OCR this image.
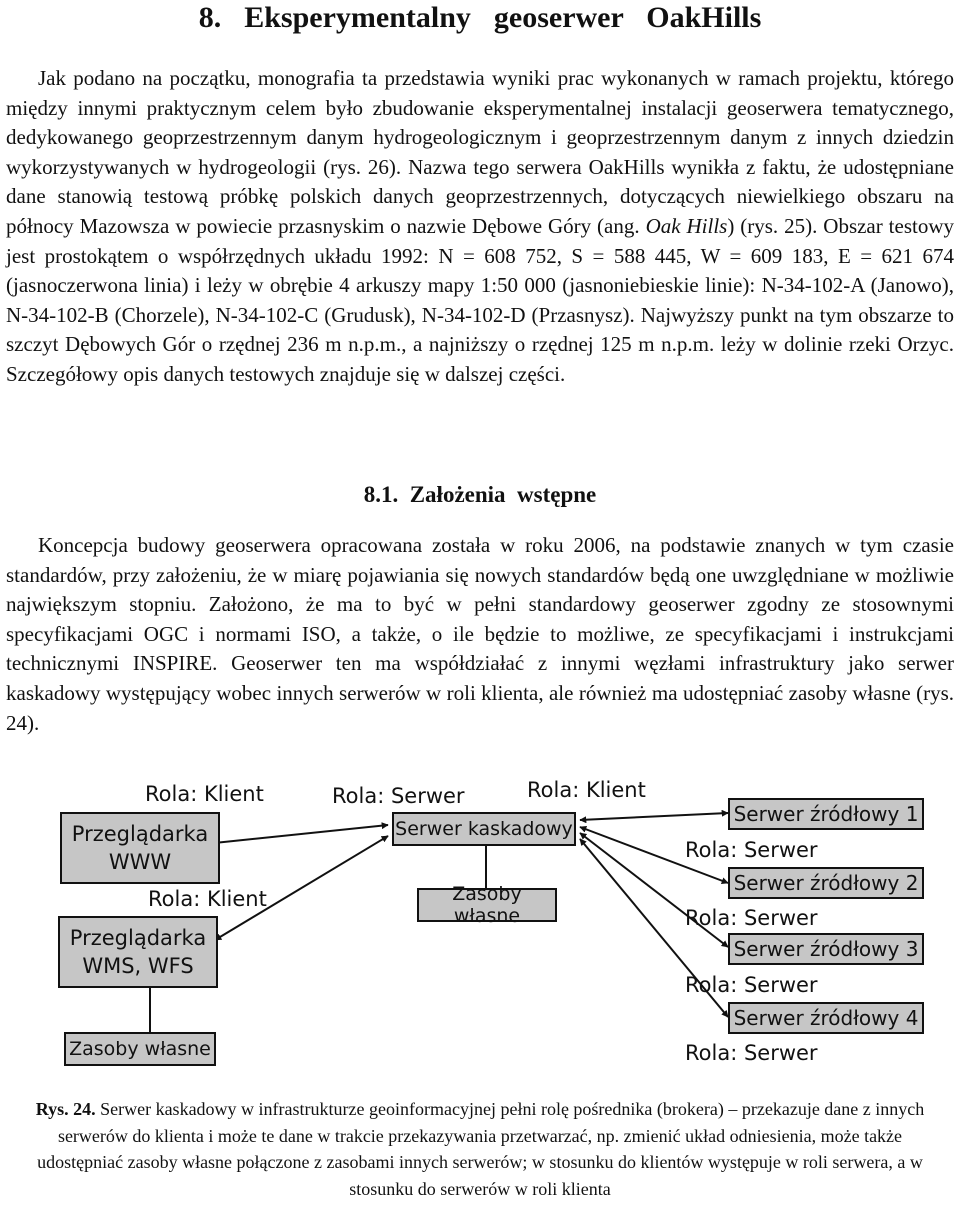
8.  Eksperymentalny  geoserwer  OakHills

Jak podano na początku, monografia ta przedstawia wyniki prac wykonanych w ramach projektu, którego między innymi praktycznym celem było zbudowanie eksperymentalnej instalacji geoserwera tematycznego, dedykowanego geoprzestrzennym danym hydrogeologicznym i geoprzestrzennym danym z innych dziedzin wykorzystywanych w hydrogeologii (rys. 26). Nazwa tego serwera OakHills wynikła z faktu, że udostępniane dane stanowią testową próbkę polskich danych geoprzestrzennych, dotyczących niewielkiego obszaru na północy Mazowsza w powiecie przasnyskim o nazwie Dębowe Góry (ang. Oak Hills) (rys. 25). Obszar testowy jest prostokątem o współrzędnych układu 1992: N = 608 752, S = 588 445, W = 609 183, E = 621 674 (jasnoczerwona linia) i leży w obrębie 4 arkuszy mapy 1:50 000 (jasnoniebieskie linie): N-34-102-A (Janowo), N-34-102-B (Chorzele), N-34-102-C (Grudusk), N-34-102-D (Przasnysz). Najwyższy punkt na tym obszarze to szczyt Dębowych Gór o rzędnej 236 m n.p.m., a najniższy o rzędnej 125 m n.p.m. leży w dolinie rzeki Orzyc. Szczegółowy opis danych testowych znajduje się w dalszej części.

8.1.  Założenia  wstępne

Koncepcja budowy geoserwera opracowana została w roku 2006, na podstawie znanych w tym czasie standardów, przy założeniu, że w miarę pojawiania się nowych standardów będą one uwzględniane w możliwie największym stopniu. Założono, że ma to być w pełni standardowy geoserwer zgodny ze stosownymi specyfikacjami OGC i normami ISO, a także, o ile będzie to możliwe, ze specyfikacjami i instrukcjami technicznymi INSPIRE. Geoserwer ten ma współdziałać z innymi węzłami infrastruktury jako serwer kaskadowy występujący wobec innych serwerów w roli klienta, ale również ma udostępniać zasoby własne (rys. 24).

Rola: Klient
Przeglądarka
WWW
Rola: Klient
Przeglądarka
WMS, WFS
Zasoby własne
Rola: Serwer	Rola: Klient
Serwer kaskadowy
Zasoby własne
Serwer źródłowy 1
Rola: Serwer
Serwer źródłowy 2
Rola: Serwer
Serwer źródłowy 3
Rola: Serwer
Serwer źródłowy 4
Rola: Serwer

Rys. 24. Serwer kaskadowy w infrastrukturze geoinformacyjnej pełni rolę pośrednika (brokera) – przekazuje dane z innych serwerów do klienta i może te dane w trakcie przekazywania przetwarzać, np. zmienić układ odniesienia, może także udostępniać zasoby własne połączone z zasobami innych serwerów; w stosunku do klientów występuje w roli serwera, a w stosunku do serwerów w roli klienta
